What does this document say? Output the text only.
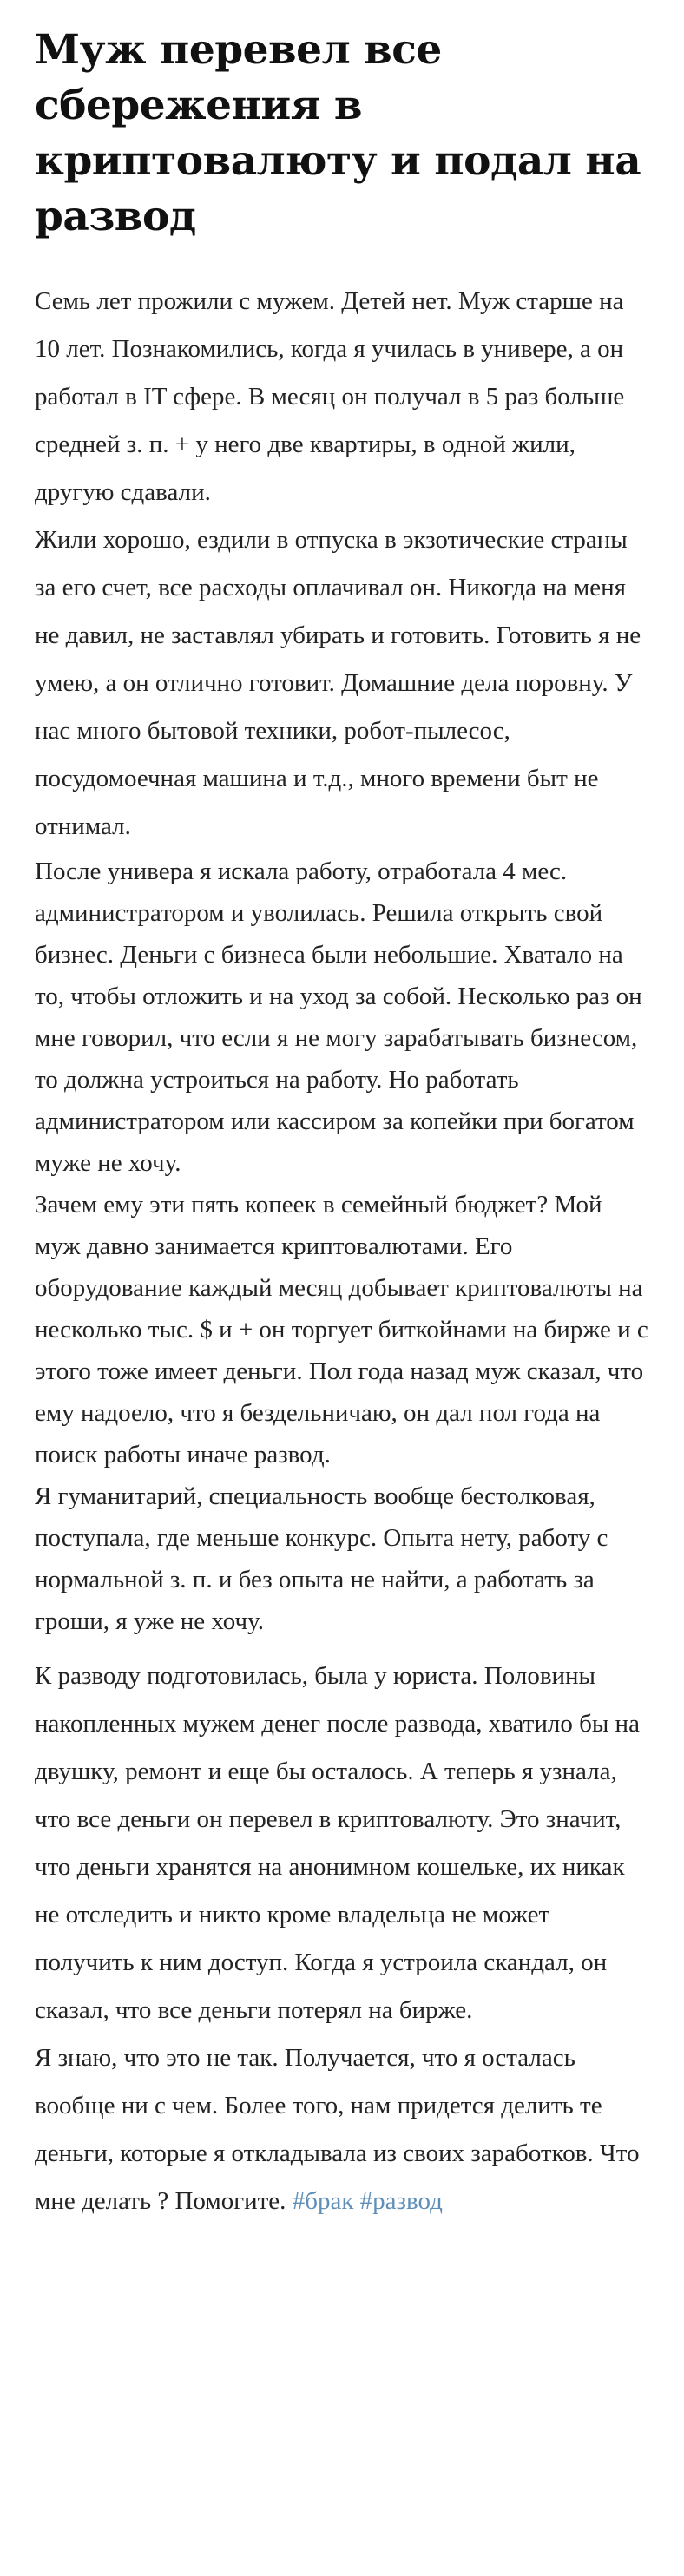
Муж перевел все сбережения в криптовалюту и подал на развод

Семь лет прожили с мужем. Детей нет. Муж старше на 10 лет. Познакомились, когда я училась в универе, а он работал в IT сфере. В месяц он получал в 5 раз больше средней з. п. + у него две квартиры, в одной жили, другую сдавали.

Жили хорошо, ездили в отпуска в экзотические страны за его счет, все расходы оплачивал он. Никогда на меня не давил, не заставлял убирать и готовить. Готовить я не умею, а он отлично готовит. Домашние дела поровну. У нас много бытовой техники, робот-пылесос, посудомоечная машина и т.д., много времени быт не отнимал.

После универа я искала работу, отработала 4 мес. администратором и уволилась. Решила открыть свой бизнес. Деньги с бизнеса были небольшие. Хватало на то, чтобы отложить и на уход за собой. Несколько раз он мне говорил, что если я не могу зарабатывать бизнесом, то должна устроиться на работу. Но работать администратором или кассиром за копейки при богатом муже не хочу.

Зачем ему эти пять копеек в семейный бюджет? Мой муж давно занимается криптовалютами. Его оборудование каждый месяц добывает криптовалюты на несколько тыс. $ и + он торгует биткойнами на бирже и с этого тоже имеет деньги. Пол года назад муж сказал, что ему надоело, что я бездельничаю, он дал пол года на поиск работы иначе развод.

Я гуманитарий, специальность вообще бестолковая, поступала, где меньше конкурс. Опыта нету, работу с нормальной з. п. и без опыта не найти, а работать за гроши, я уже не хочу.

К разводу подготовилась, была у юриста. Половины накопленных мужем денег после развода, хватило бы на двушку, ремонт и еще бы осталось. А теперь я узнала, что все деньги он перевел в криптовалюту. Это значит, что деньги хранятся на анонимном кошельке, их никак не отследить и никто кроме владельца не может получить к ним доступ. Когда я устроила скандал, он сказал, что все деньги потерял на бирже.

Я знаю, что это не так. Получается, что я осталась вообще ни с чем. Более того, нам придется делить те деньги, которые я откладывала из своих заработков. Что мне делать ? Помогите. #брак #развод
